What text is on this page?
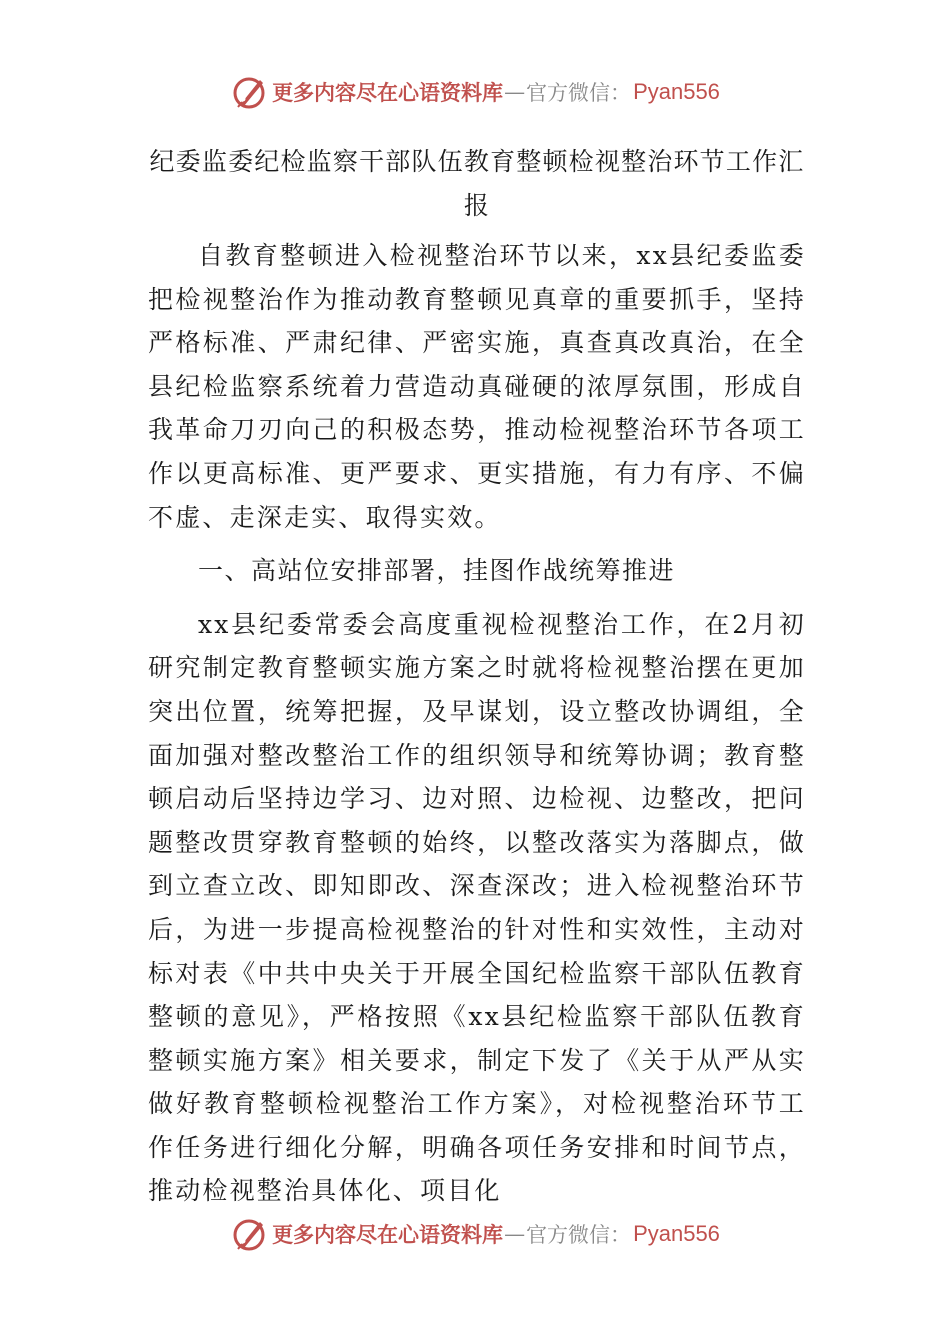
更多内容尽在心语资料库 — 官方微信： Pyan556
纪委监委纪检监察干部队伍教育整顿检视整治环节工作汇报

自教育整顿进入检视整治环节以来，xx县纪委监委把检视整治作为推动教育整顿见真章的重要抓手，坚持严格标准、严肃纪律、严密实施，真查真改真治，在全县纪检监察系统着力营造动真碰硬的浓厚氛围，形成自我革命刀刃向己的积极态势，推动检视整治环节各项工作以更高标准、更严要求、更实措施，有力有序、不偏不虚、走深走实、取得实效。

一、高站位安排部署，挂图作战统筹推进

xx县纪委常委会高度重视检视整治工作，在2月初研究制定教育整顿实施方案之时就将检视整治摆在更加突出位置，统筹把握，及早谋划，设立整改协调组，全面加强对整改整治工作的组织领导和统筹协调；教育整顿启动后坚持边学习、边对照、边检视、边整改，把问题整改贯穿教育整顿的始终，以整改落实为落脚点，做到立查立改、即知即改、深查深改；进入检视整治环节后，为进一步提高检视整治的针对性和实效性，主动对标对表《中共中央关于开展全国纪检监察干部队伍教育整顿的意见》，严格按照《xx县纪检监察干部队伍教育整顿实施方案》相关要求，制定下发了《关于从严从实做好教育整顿检视整治工作方案》，对检视整治环节工作任务进行细化分解，明确各项任务安排和时间节点，推动检视整治具体化、项目化

更多内容尽在心语资料库 — 官方微信： Pyan556
